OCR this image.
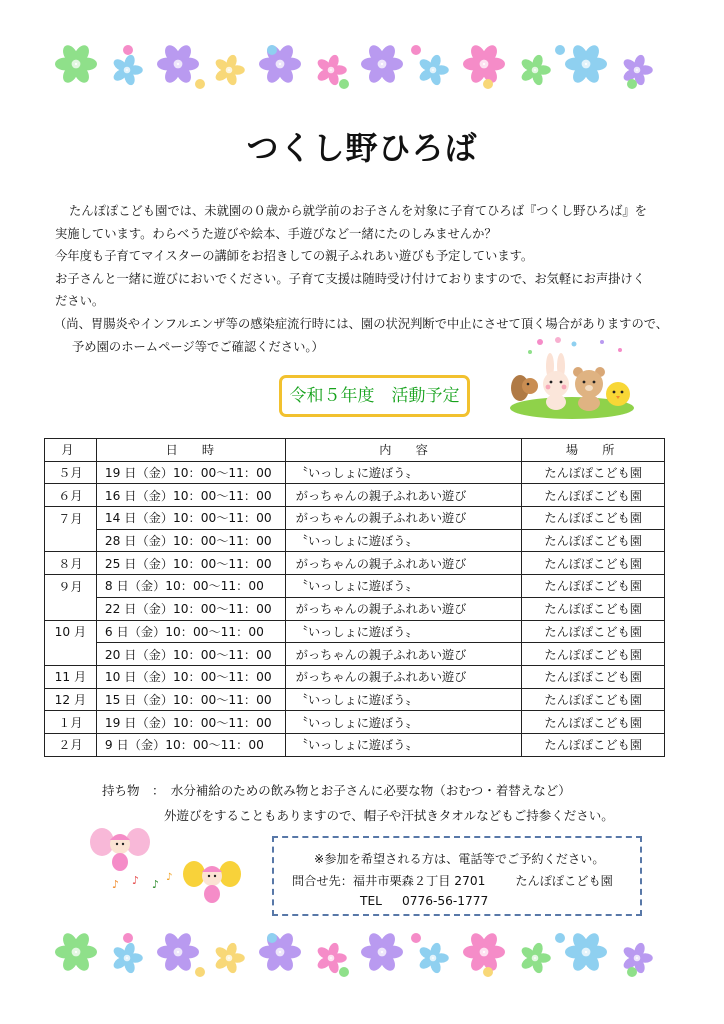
つくし野ひろば

たんぽぽこども園では、未就園の０歳から就学前のお子さんを対象に子育てひろば『つくし野ひろば』を

実施しています。わらべうた遊びや絵本、手遊びなど一緒にたのしみませんか？

今年度も子育てマイスターの講師をお招きしての親子ふれあい遊びも予定しています。

お子さんと一緒に遊びにおいでください。子育て支援は随時受け付けておりますので、お気軽にお声掛けく

ださい。

（尚、胃腸炎やインフルエンザ等の感染症流行時には、園の状況判断で中止にさせて頂く場合がありますので、

予め園のホームページ等でご確認ください。）

令和５年度　活動予定
月	日　時	内　容	場　所
５月	19 日（金）10：00〜11：00	〝いっしょに遊ぼう〟	たんぽぽこども園
６月	16 日（金）10：00〜11：00	がっちゃんの親子ふれあい遊び	たんぽぽこども園
７月	14 日（金）10：00〜11：00	がっちゃんの親子ふれあい遊び	たんぽぽこども園
	28 日（金）10：00〜11：00	〝いっしょに遊ぼう〟	たんぽぽこども園
８月	25 日（金）10：00〜11：00	がっちゃんの親子ふれあい遊び	たんぽぽこども園
９月	8 日（金）10：00〜11：00	〝いっしょに遊ぼう〟	たんぽぽこども園
	22 日（金）10：00〜11：00	がっちゃんの親子ふれあい遊び	たんぽぽこども園
10 月	6 日（金）10：00〜11：00	〝いっしょに遊ぼう〟	たんぽぽこども園
	20 日（金）10：00〜11：00	がっちゃんの親子ふれあい遊び	たんぽぽこども園
11 月	10 日（金）10：00〜11：00	がっちゃんの親子ふれあい遊び	たんぽぽこども園
12 月	15 日（金）10：00〜11：00	〝いっしょに遊ぼう〟	たんぽぽこども園
１月	19 日（金）10：00〜11：00	〝いっしょに遊ぼう〟	たんぽぽこども園
２月	9 日（金）10：00〜11：00	〝いっしょに遊ぼう〟	たんぽぽこども園
持ち物　：　水分補給のための飲み物とお子さんに必要な物（おむつ・着替えなど）
外遊びをすることもありますので、帽子や汗拭きタオルなどもご持参ください。
♪ ♪ ♪
♪
※参加を希望される方は、電話等でご予約ください。
問合せ先：福井市栗森２丁目 2701 たんぽぽこども園
TEL 0776-56-1777
